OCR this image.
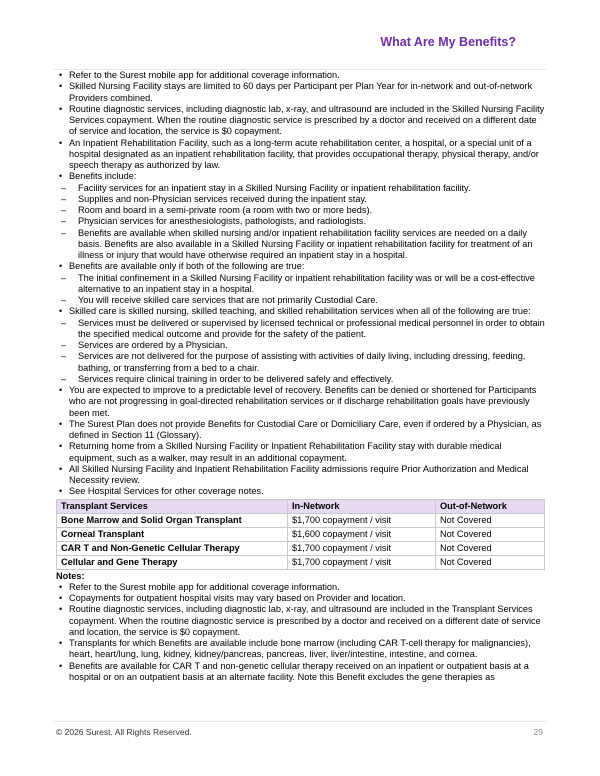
What Are My Benefits?
• Refer to the Surest mobile app for additional coverage information.
• Skilled Nursing Facility stays are limited to 60 days per Participant per Plan Year for in-network and out-of-network Providers combined.
• Routine diagnostic services, including diagnostic lab, x-ray, and ultrasound are included in the Skilled Nursing Facility Services copayment. When the routine diagnostic service is prescribed by a doctor and received on a different date of service and location, the service is $0 copayment.
• An Inpatient Rehabilitation Facility, such as a long-term acute rehabilitation center, a hospital, or a special unit of a hospital designated as an inpatient rehabilitation facility, that provides occupational therapy, physical therapy, and/or speech therapy as authorized by law.
• Benefits include:
– Facility services for an inpatient stay in a Skilled Nursing Facility or inpatient rehabilitation facility.
– Supplies and non-Physician services received during the inpatient stay.
– Room and board in a semi-private room (a room with two or more beds).
– Physician services for anesthesiologists, pathologists, and radiologists.
– Benefits are available when skilled nursing and/or inpatient rehabilitation facility services are needed on a daily basis. Benefits are also available in a Skilled Nursing Facility or inpatient rehabilitation facility for treatment of an illness or injury that would have otherwise required an inpatient stay in a hospital.
• Benefits are available only if both of the following are true:
– The initial confinement in a Skilled Nursing Facility or inpatient rehabilitation facility was or will be a cost-effective alternative to an inpatient stay in a hospital.
– You will receive skilled care services that are not primarily Custodial Care.
• Skilled care is skilled nursing, skilled teaching, and skilled rehabilitation services when all of the following are true:
– Services must be delivered or supervised by licensed technical or professional medical personnel in order to obtain the specified medical outcome and provide for the safety of the patient.
– Services are ordered by a Physician.
– Services are not delivered for the purpose of assisting with activities of daily living, including dressing, feeding, bathing, or transferring from a bed to a chair.
– Services require clinical training in order to be delivered safely and effectively.
• You are expected to improve to a predictable level of recovery. Benefits can be denied or shortened for Participants who are not progressing in goal-directed rehabilitation services or if discharge rehabilitation goals have previously been met.
• The Surest Plan does not provide Benefits for Custodial Care or Domiciliary Care, even if ordered by a Physician, as defined in Section 11 (Glossary).
• Returning home from a Skilled Nursing Facility or Inpatient Rehabilitation Facility stay with durable medical equipment, such as a walker, may result in an additional copayment.
• All Skilled Nursing Facility and Inpatient Rehabilitation Facility admissions require Prior Authorization and Medical Necessity review.
• See Hospital Services for other coverage notes.
Transplant Services	In-Network	Out-of-Network
Bone Marrow and Solid Organ Transplant	$1,700 copayment / visit	Not Covered
Corneal Transplant	$1,600 copayment / visit	Not Covered
CAR T and Non-Genetic Cellular Therapy	$1,700 copayment / visit	Not Covered
Cellular and Gene Therapy	$1,700 copayment / visit	Not Covered
Notes:
• Refer to the Surest mobile app for additional coverage information.
• Copayments for outpatient hospital visits may vary based on Provider and location.
• Routine diagnostic services, including diagnostic lab, x-ray, and ultrasound are included in the Transplant Services copayment. When the routine diagnostic service is prescribed by a doctor and received on a different date of service and location, the service is $0 copayment.
• Transplants for which Benefits are available include bone marrow (including CAR T-cell therapy for malignancies), heart, heart/lung, lung, kidney, kidney/pancreas, pancreas, liver, liver/intestine, intestine, and cornea.
• Benefits are available for CAR T and non-genetic cellular therapy received on an inpatient or outpatient basis at a hospital or on an outpatient basis at an alternate facility. Note this Benefit excludes the gene therapies as
© 2026 Surest. All Rights Reserved.	29
